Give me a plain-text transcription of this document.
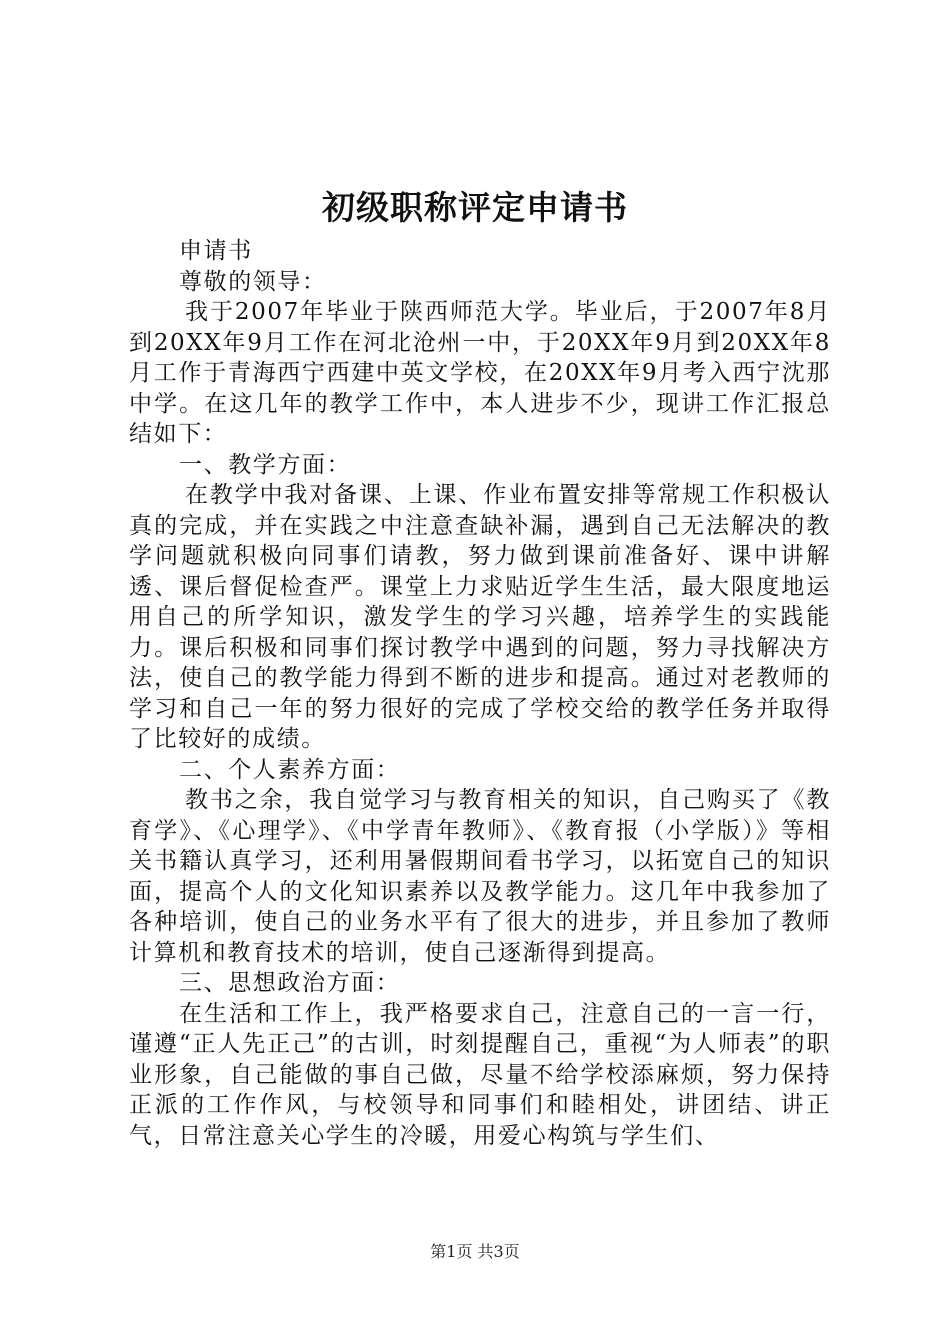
初级职称评定申请书

申请书

尊敬的领导：

我于2007年毕业于陕西师范大学。毕业后，于2007年8月到20XX年9月工作在河北沧州一中，于20XX年9月到20XX年8月工作于青海西宁西建中英文学校，在20XX年9月考入西宁沈那中学。在这几年的教学工作中，本人进步不少，现讲工作汇报总结如下：

一、教学方面：

在教学中我对备课、上课、作业布置安排等常规工作积极认真的完成，并在实践之中注意查缺补漏，遇到自己无法解决的教学问题就积极向同事们请教，努力做到课前准备好、课中讲解透、课后督促检查严。课堂上力求贴近学生生活，最大限度地运用自己的所学知识，激发学生的学习兴趣，培养学生的实践能力。课后积极和同事们探讨教学中遇到的问题，努力寻找解决方法，使自己的教学能力得到不断的进步和提高。通过对老教师的学习和自己一年的努力很好的完成了学校交给的教学任务并取得了比较好的成绩。

二、个人素养方面：

教书之余，我自觉学习与教育相关的知识，自己购买了《教育学》、《心理学》、《中学青年教师》、《教育报（小学版）》等相关书籍认真学习，还利用暑假期间看书学习，以拓宽自己的知识面，提高个人的文化知识素养以及教学能力。这几年中我参加了各种培训，使自己的业务水平有了很大的进步，并且参加了教师计算机和教育技术的培训，使自己逐渐得到提高。

三、思想政治方面：

在生活和工作上，我严格要求自己，注意自己的一言一行，谨遵“正人先正己”的古训，时刻提醒自己，重视“为人师表”的职业形象，自己能做的事自己做，尽量不给学校添麻烦，努力保持正派的工作作风，与校领导和同事们和睦相处，讲团结、讲正气，日常注意关心学生的冷暖，用爱心构筑与学生们、

第1页 共3页
